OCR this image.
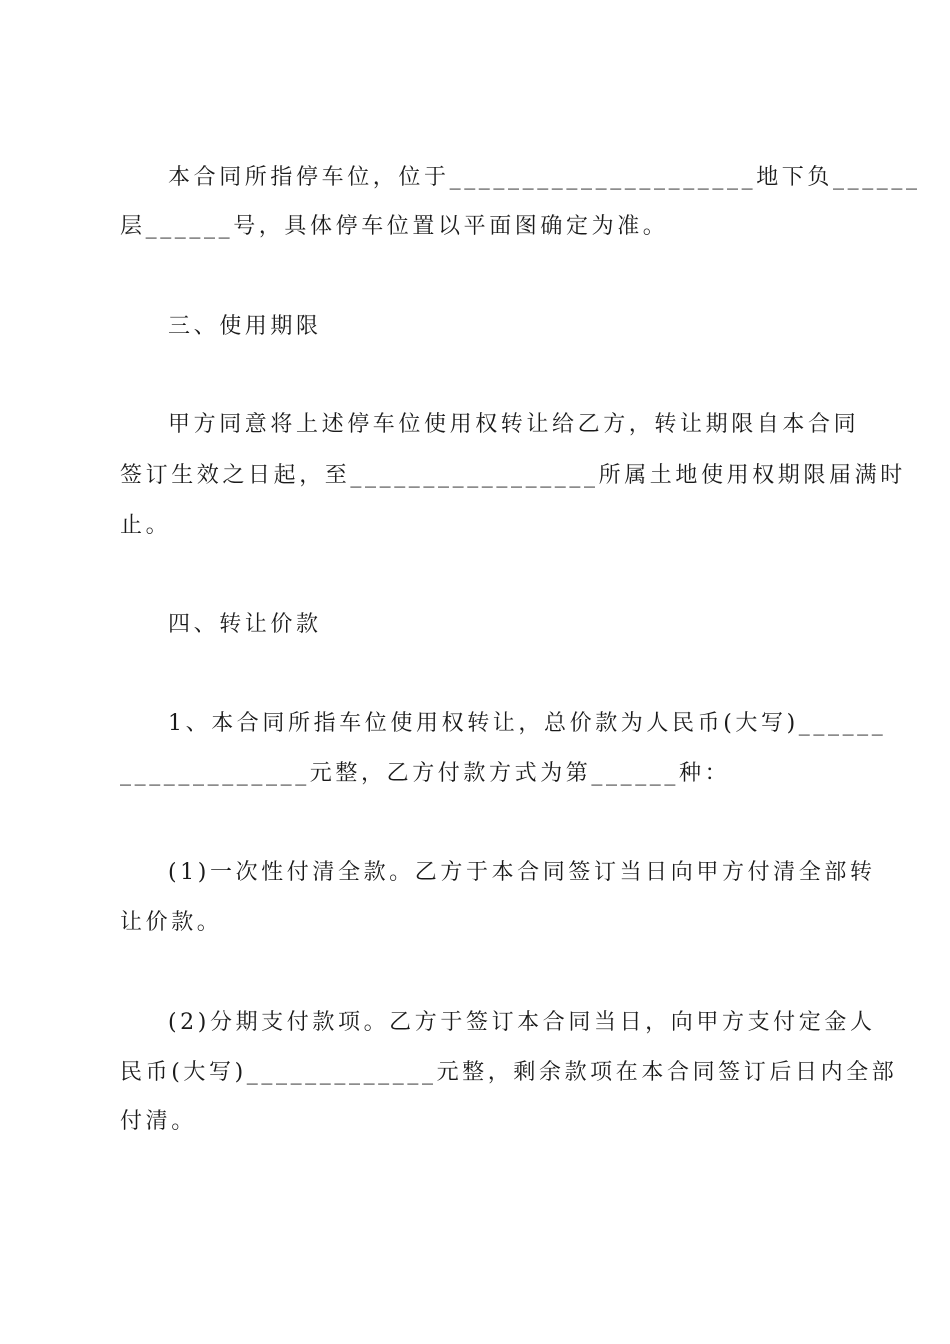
本合同所指停车位，位于_____________________地下负______
层______号，具体停车位置以平面图确定为准。
三、使用期限
甲方同意将上述停车位使用权转让给乙方，转让期限自本合同
签订生效之日起，至_________________所属土地使用权期限届满时
止。
四、转让价款
1、本合同所指车位使用权转让，总价款为人民币(大写)______
_____________元整，乙方付款方式为第______种：
(1)一次性付清全款。乙方于本合同签订当日向甲方付清全部转
让价款。
(2)分期支付款项。乙方于签订本合同当日，向甲方支付定金人
民币(大写)_____________元整，剩余款项在本合同签订后日内全部
付清。
